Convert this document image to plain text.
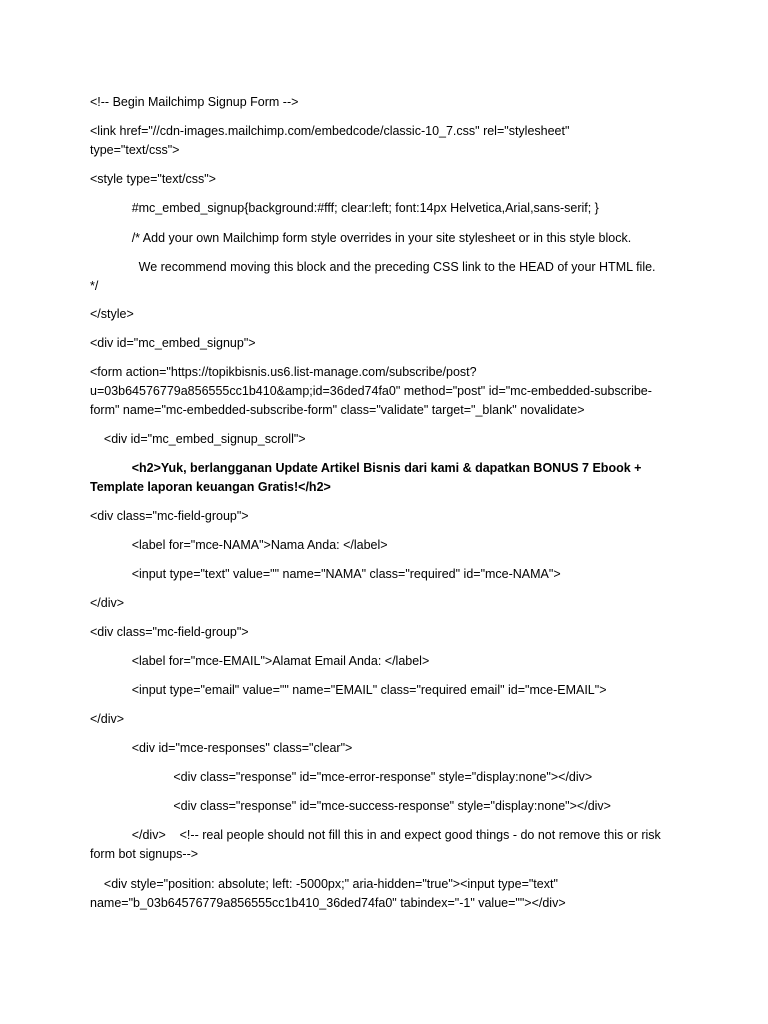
<!-- Begin Mailchimp Signup Form -->
<link href="//cdn-images.mailchimp.com/embedcode/classic-10_7.css" rel="stylesheet"
type="text/css">
<style type="text/css">
#mc_embed_signup{background:#fff; clear:left; font:14px Helvetica,Arial,sans-serif; }
/* Add your own Mailchimp form style overrides in your site stylesheet or in this style block.
We recommend moving this block and the preceding CSS link to the HEAD of your HTML file.
*/
</style>
<div id="mc_embed_signup">
<form action="https://topikbisnis.us6.list-manage.com/subscribe/post?
u=03b64576779a856555cc1b410&amp;id=36ded74fa0" method="post" id="mc-embedded-subscribe-
form" name="mc-embedded-subscribe-form" class="validate" target="_blank" novalidate>
<div id="mc_embed_signup_scroll">
<h2>Yuk, berlangganan Update Artikel Bisnis dari kami & dapatkan BONUS 7 Ebook +
Template laporan keuangan Gratis!</h2>
<div class="mc-field-group">
<label for="mce-NAMA">Nama Anda: </label>
<input type="text" value="" name="NAMA" class="required" id="mce-NAMA">
</div>
<div class="mc-field-group">
<label for="mce-EMAIL">Alamat Email Anda: </label>
<input type="email" value="" name="EMAIL" class="required email" id="mce-EMAIL">
</div>
<div id="mce-responses" class="clear">
<div class="response" id="mce-error-response" style="display:none"></div>
<div class="response" id="mce-success-response" style="display:none"></div>
</div>    <!-- real people should not fill this in and expect good things - do not remove this or risk
form bot signups-->
<div style="position: absolute; left: -5000px;" aria-hidden="true"><input type="text"
name="b_03b64576779a856555cc1b410_36ded74fa0" tabindex="-1" value=""></div>
